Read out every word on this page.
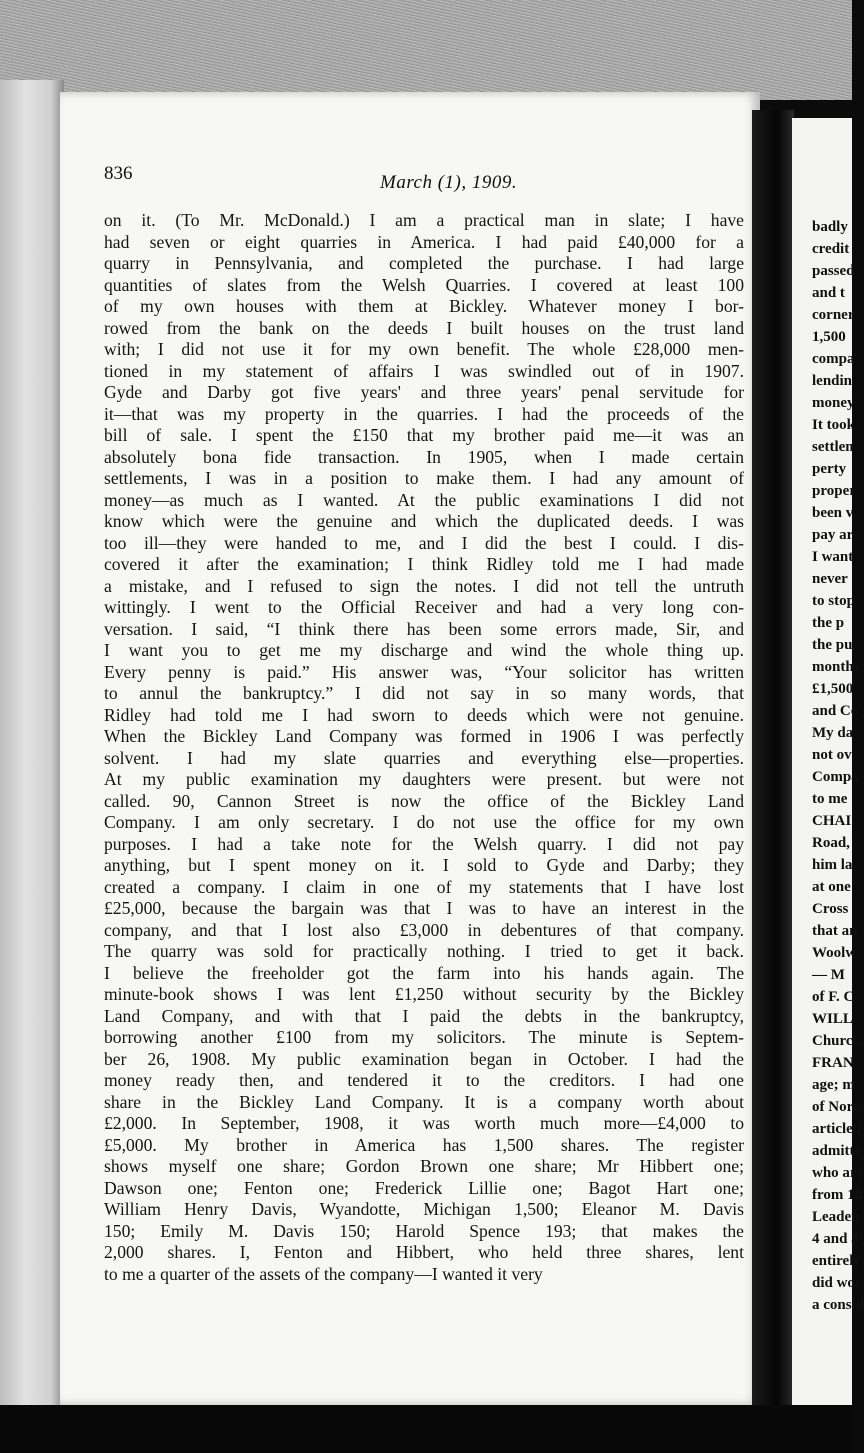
836	March (1), 1909.
on it. (To Mr. McDonald.) I am a practical man in slate; I have
had seven or eight quarries in America. I had paid £40,000 for a
quarry in Pennsylvania, and completed the purchase. I had large
quantities of slates from the Welsh Quarries. I covered at least 100
of my own houses with them at Bickley. Whatever money I bor-
rowed from the bank on the deeds I built houses on the trust land
with; I did not use it for my own benefit. The whole £28,000 men-
tioned in my statement of affairs I was swindled out of in 1907.
Gyde and Darby got five years' and three years' penal servitude for
it—that was my property in the quarries. I had the proceeds of the
bill of sale. I spent the £150 that my brother paid me—it was an
absolutely bona fide transaction. In 1905, when I made certain
settlements, I was in a position to make them. I had any amount of
money—as much as I wanted. At the public examinations I did not
know which were the genuine and which the duplicated deeds. I was
too ill—they were handed to me, and I did the best I could. I dis-
covered it after the examination; I think Ridley told me I had made
a mistake, and I refused to sign the notes. I did not tell the untruth
wittingly. I went to the Official Receiver and had a very long con-
versation. I said, “I think there has been some errors made, Sir, and
I want you to get me my discharge and wind the whole thing up.
Every penny is paid.” His answer was, “Your solicitor has written
to annul the bankruptcy.” I did not say in so many words, that
Ridley had told me I had sworn to deeds which were not genuine.
When the Bickley Land Company was formed in 1906 I was perfectly
solvent. I had my slate quarries and everything else—properties.
At my public examination my daughters were present. but were not
called. 90, Cannon Street is now the office of the Bickley Land
Company. I am only secretary. I do not use the office for my own
purposes. I had a take note for the Welsh quarry. I did not pay
anything, but I spent money on it. I sold to Gyde and Darby; they
created a company. I claim in one of my statements that I have lost
£25,000, because the bargain was that I was to have an interest in the
company, and that I lost also £3,000 in debentures of that company.
The quarry was sold for practically nothing. I tried to get it back.
I believe the freeholder got the farm into his hands again. The
minute-book shows I was lent £1,250 without security by the Bickley
Land Company, and with that I paid the debts in the bankruptcy,
borrowing another £100 from my solicitors. The minute is Septem-
ber 26, 1908. My public examination began in October. I had the
money ready then, and tendered it to the creditors. I had one
share in the Bickley Land Company. It is a company worth about
£2,000. In September, 1908, it was worth much more—£4,000 to
£5,000. My brother in America has 1,500 shares. The register
shows myself one share; Gordon Brown one share; Mr Hibbert one;
Dawson one; Fenton one; Frederick Lillie one; Bagot Hart one;
William Henry Davis, Wyandotte, Michigan 1,500; Eleanor M. Davis
150; Emily M. Davis 150; Harold Spence 193; that makes the
2,000 shares. I, Fenton and Hibbert, who held three shares, lent
to me a quarter of the assets of the company—I wanted it very
badly
credit
passed
and t
corner
1,500
compa
lendin
money
It took
settlen
perty
proper
been v
pay ar
I want
never
to stop
the p
the pu
months
£1,500
and Co
My da
not ov
Compa
to me
CHAI
Road,
him la
at one
Cross
that an
Woolw
— M
of F. C
WILL
Church
FRAN
age; m
of Nort
articled
admitte
who are
from 18
Leaden
4 and 5
entirely
did wor
a consid
